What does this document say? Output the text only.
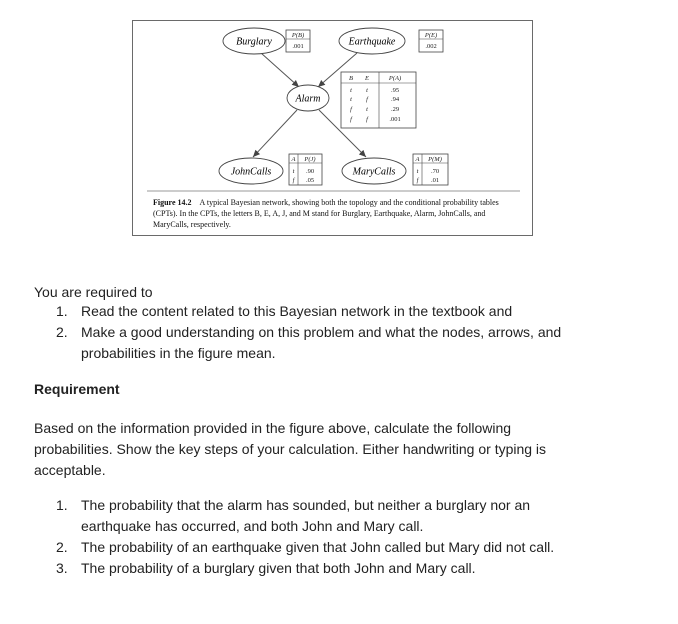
Burglary	Earthquake
Alarm
JohnCalls	MaryCalls
P(B)
.001
P(E)
.002
B E	P(A)
t t	.95
t f	.94
f t	.29
f f	.001
A P(J)
t .90
f .05
A P(M)
t .70
f .01
Figure 14.2 A typical Bayesian network, showing both the topology and the conditional probability tables (CPTs). In the CPTs, the letters B, E, A, J, and M stand for Burglary, Earthquake, Alarm, JohnCalls, and MaryCalls, respectively.
You are required to
1. Read the content related to this Bayesian network in the textbook and
2. Make a good understanding on this problem and what the nodes, arrows, and
probabilities in the figure mean.
Requirement
Based on the information provided in the figure above, calculate the following
probabilities. Show the key steps of your calculation. Either handwriting or typing is
acceptable.
1. The probability that the alarm has sounded, but neither a burglary nor an
earthquake has occurred, and both John and Mary call.
2. The probability of an earthquake given that John called but Mary did not call.
3. The probability of a burglary given that both John and Mary call.
